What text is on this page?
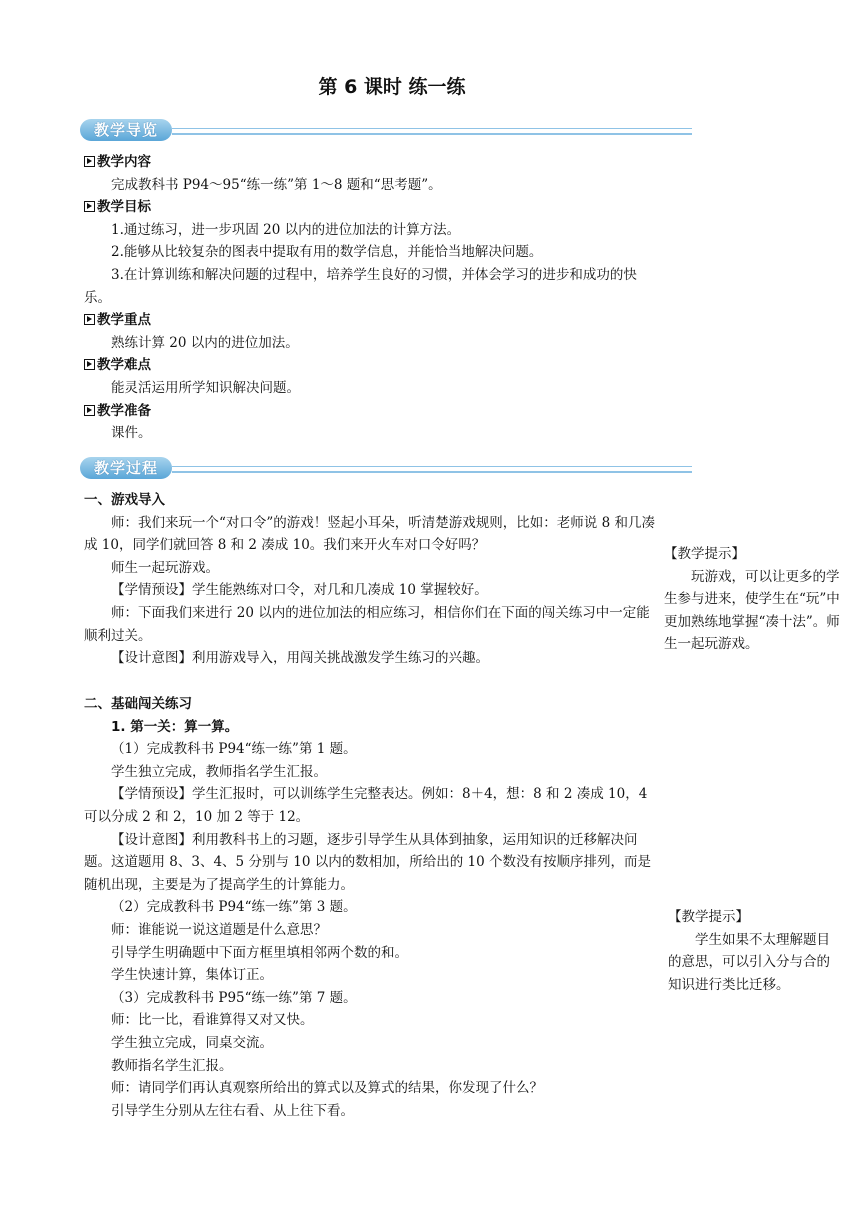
第 6 课时 练一练
教学导览

教学内容

完成教科书 P94～95“练一练”第 1～8 题和“思考题”。

教学目标

1.通过练习，进一步巩固 20 以内的进位加法的计算方法。

2.能够从比较复杂的图表中提取有用的数学信息，并能恰当地解决问题。

3.在计算训练和解决问题的过程中，培养学生良好的习惯，并体会学习的进步和成功的快乐。

教学重点

熟练计算 20 以内的进位加法。

教学难点

能灵活运用所学知识解决问题。

教学准备

课件。

教学过程

一、游戏导入

师：我们来玩一个“对口令”的游戏！竖起小耳朵，听清楚游戏规则，比如：老师说 8 和几凑成 10，同学们就回答 8 和 2 凑成 10。我们来开火车对口令好吗？

师生一起玩游戏。

【学情预设】学生能熟练对口令，对几和几凑成 10 掌握较好。

师：下面我们来进行 20 以内的进位加法的相应练习，相信你们在下面的闯关练习中一定能顺利过关。

【设计意图】利用游戏导入，用闯关挑战激发学生练习的兴趣。

二、基础闯关练习

1. 第一关：算一算。

（1）完成教科书 P94“练一练”第 1 题。

学生独立完成，教师指名学生汇报。

【学情预设】学生汇报时，可以训练学生完整表达。例如：8＋4，想：8 和 2 凑成 10，4 可以分成 2 和 2，10 加 2 等于 12。

【设计意图】利用教科书上的习题，逐步引导学生从具体到抽象，运用知识的迁移解决问题。这道题用 8、3、4、5 分别与 10 以内的数相加，所给出的 10 个数没有按顺序排列，而是随机出现，主要是为了提高学生的计算能力。

（2）完成教科书 P94“练一练”第 3 题。

师：谁能说一说这道题是什么意思？

引导学生明确题中下面方框里填相邻两个数的和。

学生快速计算，集体订正。

（3）完成教科书 P95“练一练”第 7 题。

师：比一比，看谁算得又对又快。

学生独立完成，同桌交流。

教师指名学生汇报。

师：请同学们再认真观察所给出的算式以及算式的结果，你发现了什么？

引导学生分别从左往右看、从上往下看。

【教学提示】

玩游戏，可以让更多的学生参与进来，使学生在“玩”中更加熟练地掌握“凑十法”。师生一起玩游戏。

【教学提示】

学生如果不太理解题目的意思，可以引入分与合的知识进行类比迁移。
